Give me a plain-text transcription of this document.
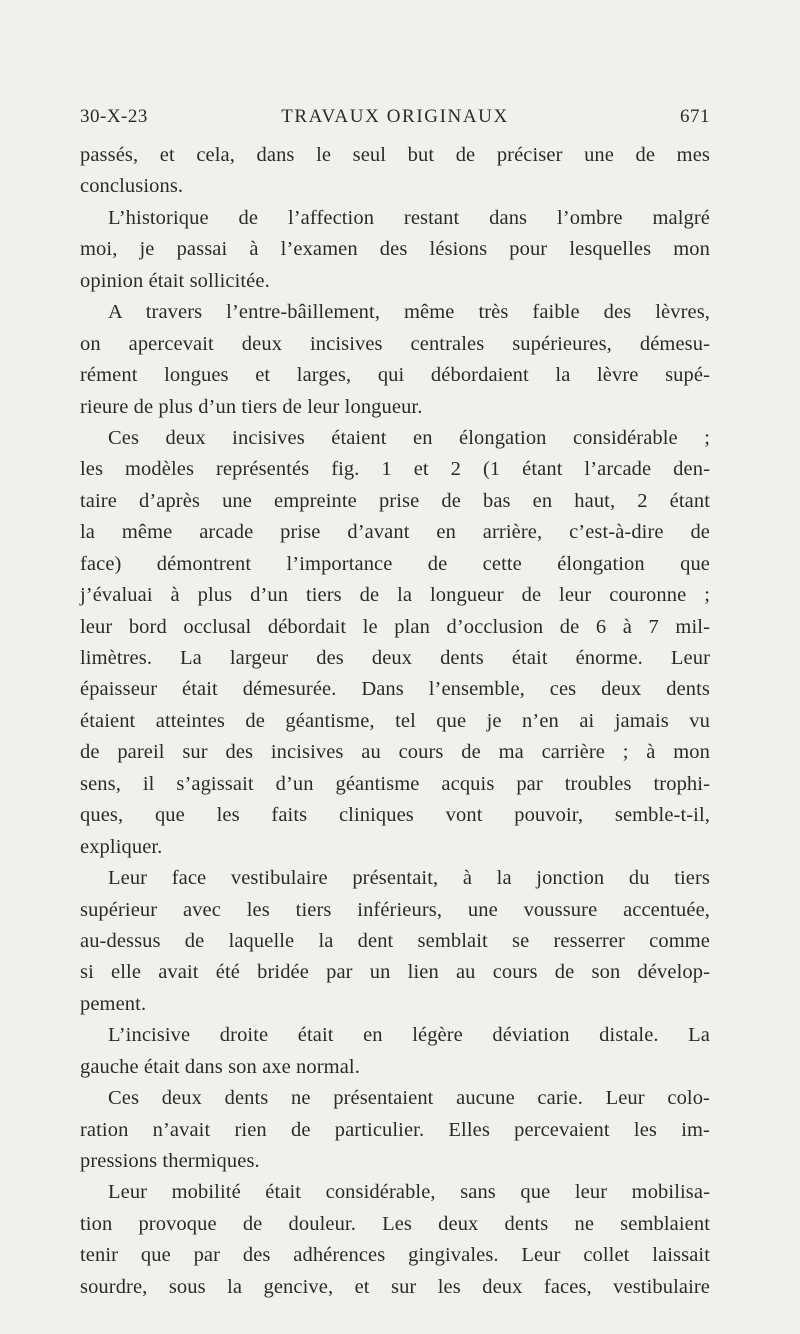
30-X-23	TRAVAUX ORIGINAUX	671
passés, et cela, dans le seul but de préciser une de mes
conclusions.
L’historique de l’affection restant dans l’ombre malgré
moi, je passai à l’examen des lésions pour lesquelles mon
opinion était sollicitée.
A travers l’entre-bâillement, même très faible des lèvres,
on apercevait deux incisives centrales supérieures, démesu-
rément longues et larges, qui débordaient la lèvre supé-
rieure de plus d’un tiers de leur longueur.
Ces deux incisives étaient en élongation considérable ;
les modèles représentés fig. 1 et 2 (1 étant l’arcade den-
taire d’après une empreinte prise de bas en haut, 2 étant
la même arcade prise d’avant en arrière, c’est-à-dire de
face) démontrent l’importance de cette élongation que
j’évaluai à plus d’un tiers de la longueur de leur couronne ;
leur bord occlusal débordait le plan d’occlusion de 6 à 7 mil-
limètres. La largeur des deux dents était énorme. Leur
épaisseur était démesurée. Dans l’ensemble, ces deux dents
étaient atteintes de géantisme, tel que je n’en ai jamais vu
de pareil sur des incisives au cours de ma carrière ; à mon
sens, il s’agissait d’un géantisme acquis par troubles trophi-
ques, que les faits cliniques vont pouvoir, semble-t-il,
expliquer.
Leur face vestibulaire présentait, à la jonction du tiers
supérieur avec les tiers inférieurs, une voussure accentuée,
au-dessus de laquelle la dent semblait se resserrer comme
si elle avait été bridée par un lien au cours de son dévelop-
pement.
L’incisive droite était en légère déviation distale. La
gauche était dans son axe normal.
Ces deux dents ne présentaient aucune carie. Leur colo-
ration n’avait rien de particulier. Elles percevaient les im-
pressions thermiques.
Leur mobilité était considérable, sans que leur mobilisa-
tion provoque de douleur. Les deux dents ne semblaient
tenir que par des adhérences gingivales. Leur collet laissait
sourdre, sous la gencive, et sur les deux faces, vestibulaire
